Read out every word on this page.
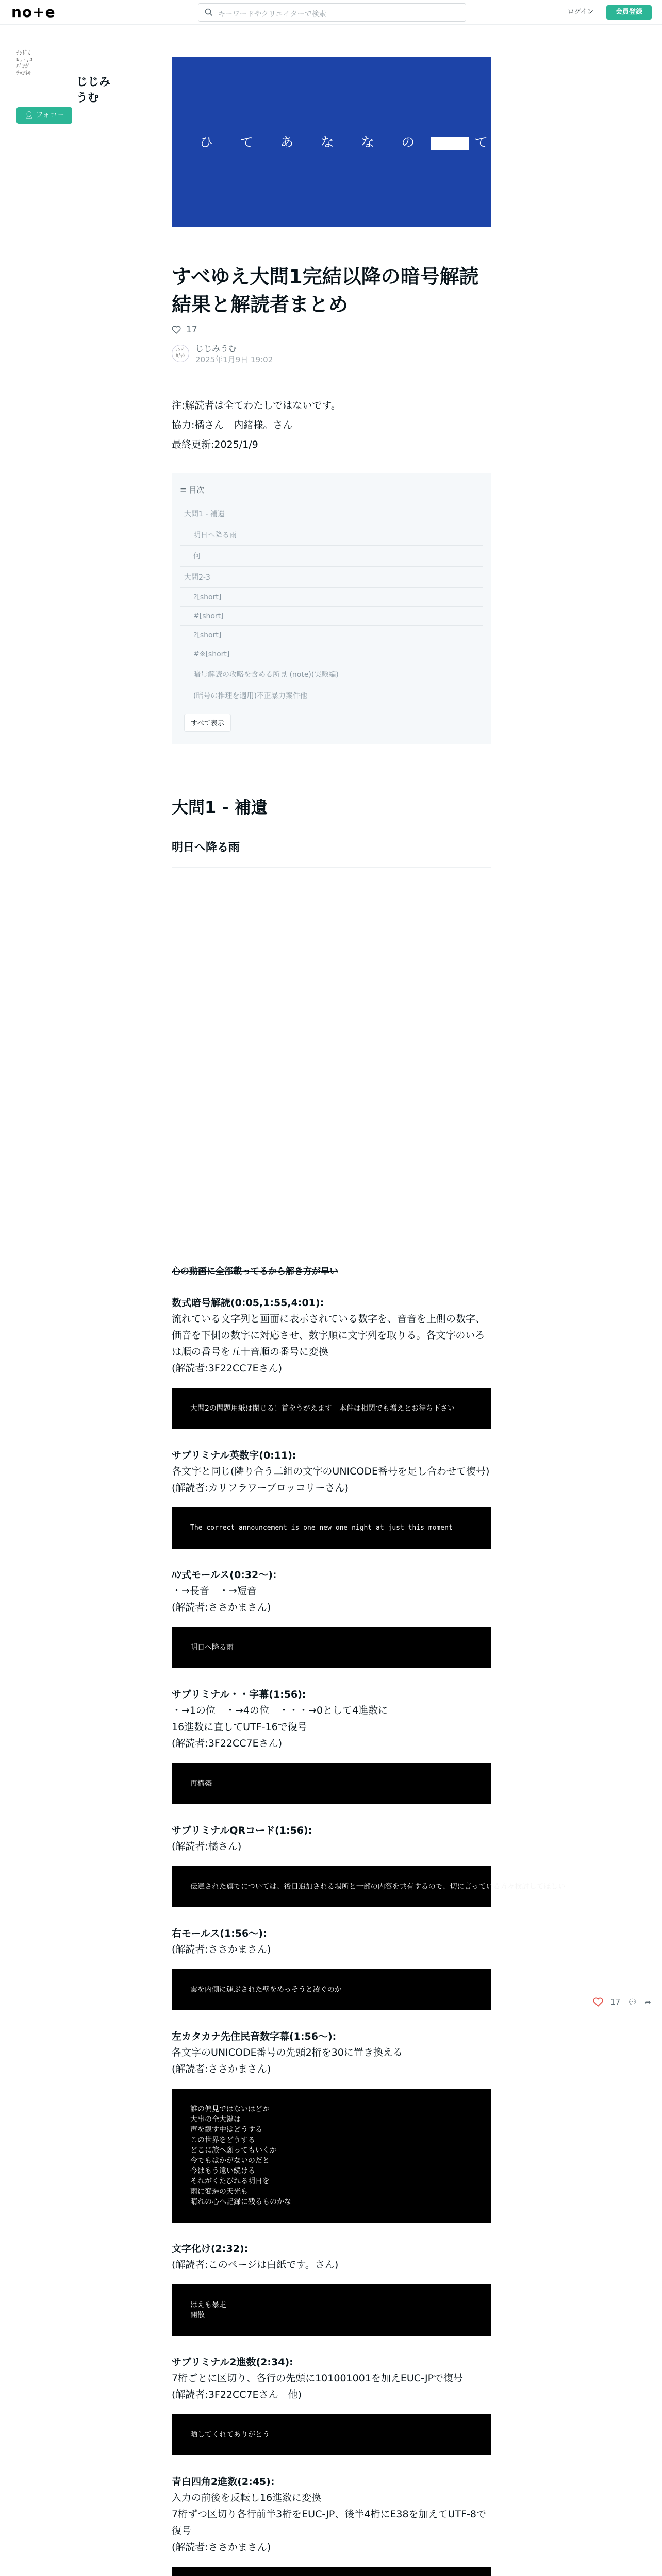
no+e	キーワードやクリエイターで検索	ログイン	会員登録
ﾅﾝﾄﾞｶ
ﾛ,-,ｺ
ﾊﾞﾝｶﾞ
ﾁｬﾝﾈﾙ
じじみうむ
👤︎ フォロー
ひ て あ な な の	て す 。
すべゆえ大問1完結以降の暗号解読結果と解読者まとめ
17
ﾅﾝﾄﾞ
ｶﾁｬﾝ
じじみうむ
2025年1月9日 19:02
注:解読者は全てわたしではないです。
協力:橘さん　内緒様。さん
最終更新:2025/1/9
≡ 目次
大問1 - 補遺
明日へ降る雨
何
大問2-3
?[short]
#[short]
?[short]
#※[short]
暗号解読の攻略を含める所見 (note)(実験編)
(暗号の推理を適用)不正暴力案件他
すべて表示
大問1 - 補遺
明日へ降る雨
心の動画に全部載ってるから解き方が早い
数式暗号解読(0:05,1:55,4:01):
流れている文字列と画面に表示されている数字を、音音を上側の数字、価音を下側の数字に対応させ、数字順に文字列を取りる。各文字のいろは順の番号を五十音順の番号に変換
(解読者:3F22CC7Eさん)
大問2の問題用紙は閉じる！首をうがえます　本件は相関でも増えとお待ち下さい
サブリミナル英数字(0:11):
各文字と同じ(隣り合う二組の文字のUNICODE番号を足し合わせて復号)
(解読者:カリフラワーブロッコリーさん)
The correct announcement is one new one night at just this moment
ﾊﾝ式モールス(0:32〜):
・→長音　・→短音
(解読者:ささかまさん)
明日へ降る雨
サブリミナル・・字幕(1:56):
・→1の位　・→4の位　・・・→0として4進数に
16進数に直してUTF-16で復号
(解読者:3F22CC7Eさん)
再構築
サブリミナルQRコード(1:56):
(解読者:橘さん)
伝達された旗でについては、後日追加される場所と一部の内容を共有するので、切に言っている方々検討してほしい
右モールス(1:56〜):
(解読者:ささかまさん)
雲を内側に運ぶされた壁をめっそうと凌ぐのか
左カタカナ先住民音数字幕(1:56〜):
各文字のUNICODE番号の先頭2桁を30に置き換える
(解読者:ささかまさん)
誰の偏見ではないはどか
大事の全大鍵は
声を観す中はどうする
この世界をどうする
どこに旅へ願ってもいくか
今でもはかがないのだと
今はもう遠い続ける
それがくたびれる明日を
雨に変遷の天光も
晴れの心へ記録に残るものかな
文字化け(2:32):
(解読者:このページは白紙です。さん)
ほえも暴走
開散
サブリミナル2進数(2:34):
7桁ごとに区切り、各行の先頭に101001001を加えEUC-JPで復号
(解読者:3F22CC7Eさん　他)
晒してくれてありがとう
青白四角2進数(2:45):
入力の前後を反転し16進数に変換
7桁ずつ区切り各行前半3桁をEUC-JP、後半4桁にE38を加えてUTF-8で復号
(解読者:ささかまさん)
17 💬︎ ➦
